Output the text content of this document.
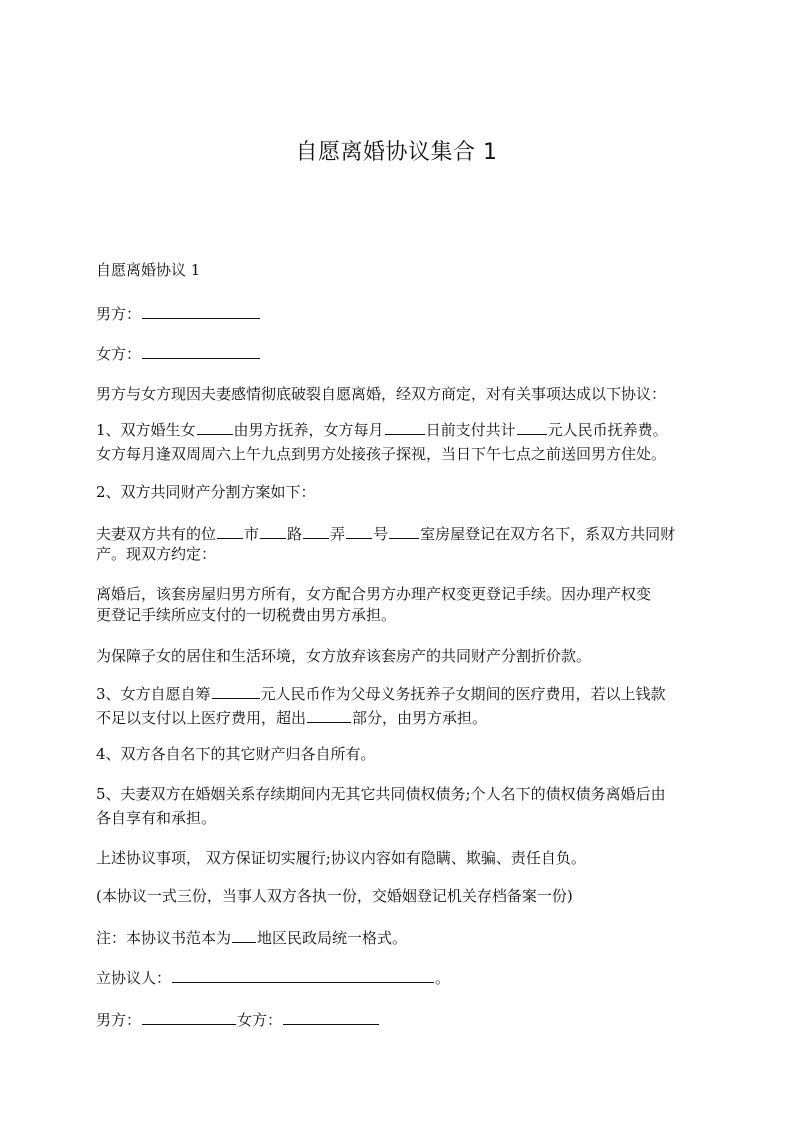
自愿离婚协议集合 1
自愿离婚协议 1
男方：
女方：
男方与女方现因夫妻感情彻底破裂自愿离婚，经双方商定，对有关事项达成以下协议：
1、双方婚生女	由男方抚养，女方每月	日前支付共计 元人民币抚养费。
女方每月逢双周周六上午九点到男方处接孩子探视，当日下午七点之前送回男方住处。
2、双方共同财产分割方案如下：
夫妻双方共有的位 市 路 弄 号 室房屋登记在双方名下，系双方共同财
产。现双方约定：
离婚后，该套房屋归男方所有，女方配合男方办理产权变更登记手续。因办理产权变
更登记手续所应支付的一切税费由男方承担。
为保障子女的居住和生活环境，女方放弃该套房产的共同财产分割折价款。
3、女方自愿自筹	元人民币作为父母义务抚养子女期间的医疗费用，若以上钱款
不足以支付以上医疗费用，超出	部分，由男方承担。
4、双方各自名下的其它财产归各自所有。
5、夫妻双方在婚姻关系存续期间内无其它共同债权债务;个人名下的债权债务离婚后由
各自享有和承担。
上述协议事项， 双方保证切实履行;协议内容如有隐瞒、欺骗、责任自负。
(本协议一式三份，当事人双方各执一份，交婚姻登记机关存档备案一份)
注：本协议书范本为 地区民政局统一格式。
立协议人：	。
男方：	女方：
